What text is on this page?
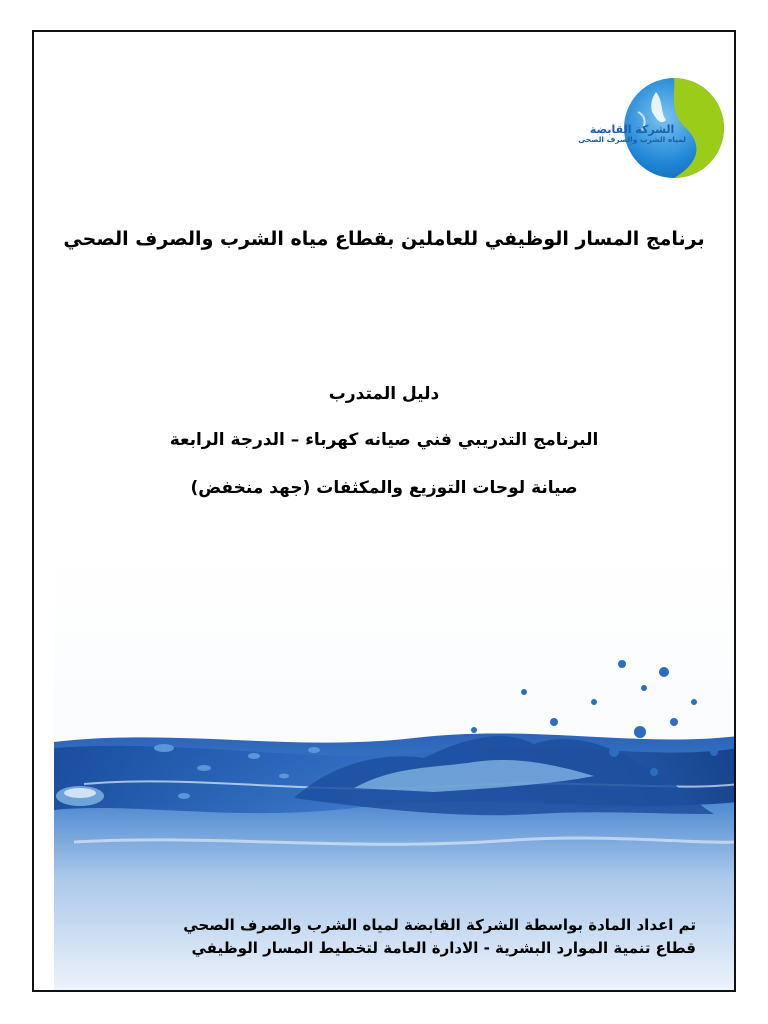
الشركة القابضة
لمياه الشرب والصرف الصحى
برنامج المسار الوظيفي للعاملين بقطاع مياه الشرب والصرف الصحي
دليل المتدرب
البرنامج التدريبي فني صيانه كهرباء – الدرجة الرابعة
صيانة لوحات التوزيع والمكثفات (جهد منخفض)
تم اعداد المادة بواسطة الشركة القابضة لمياه الشرب والصرف الصحي
قطاع تنمية الموارد البشرية - الادارة العامة لتخطيط المسار الوظيفي
